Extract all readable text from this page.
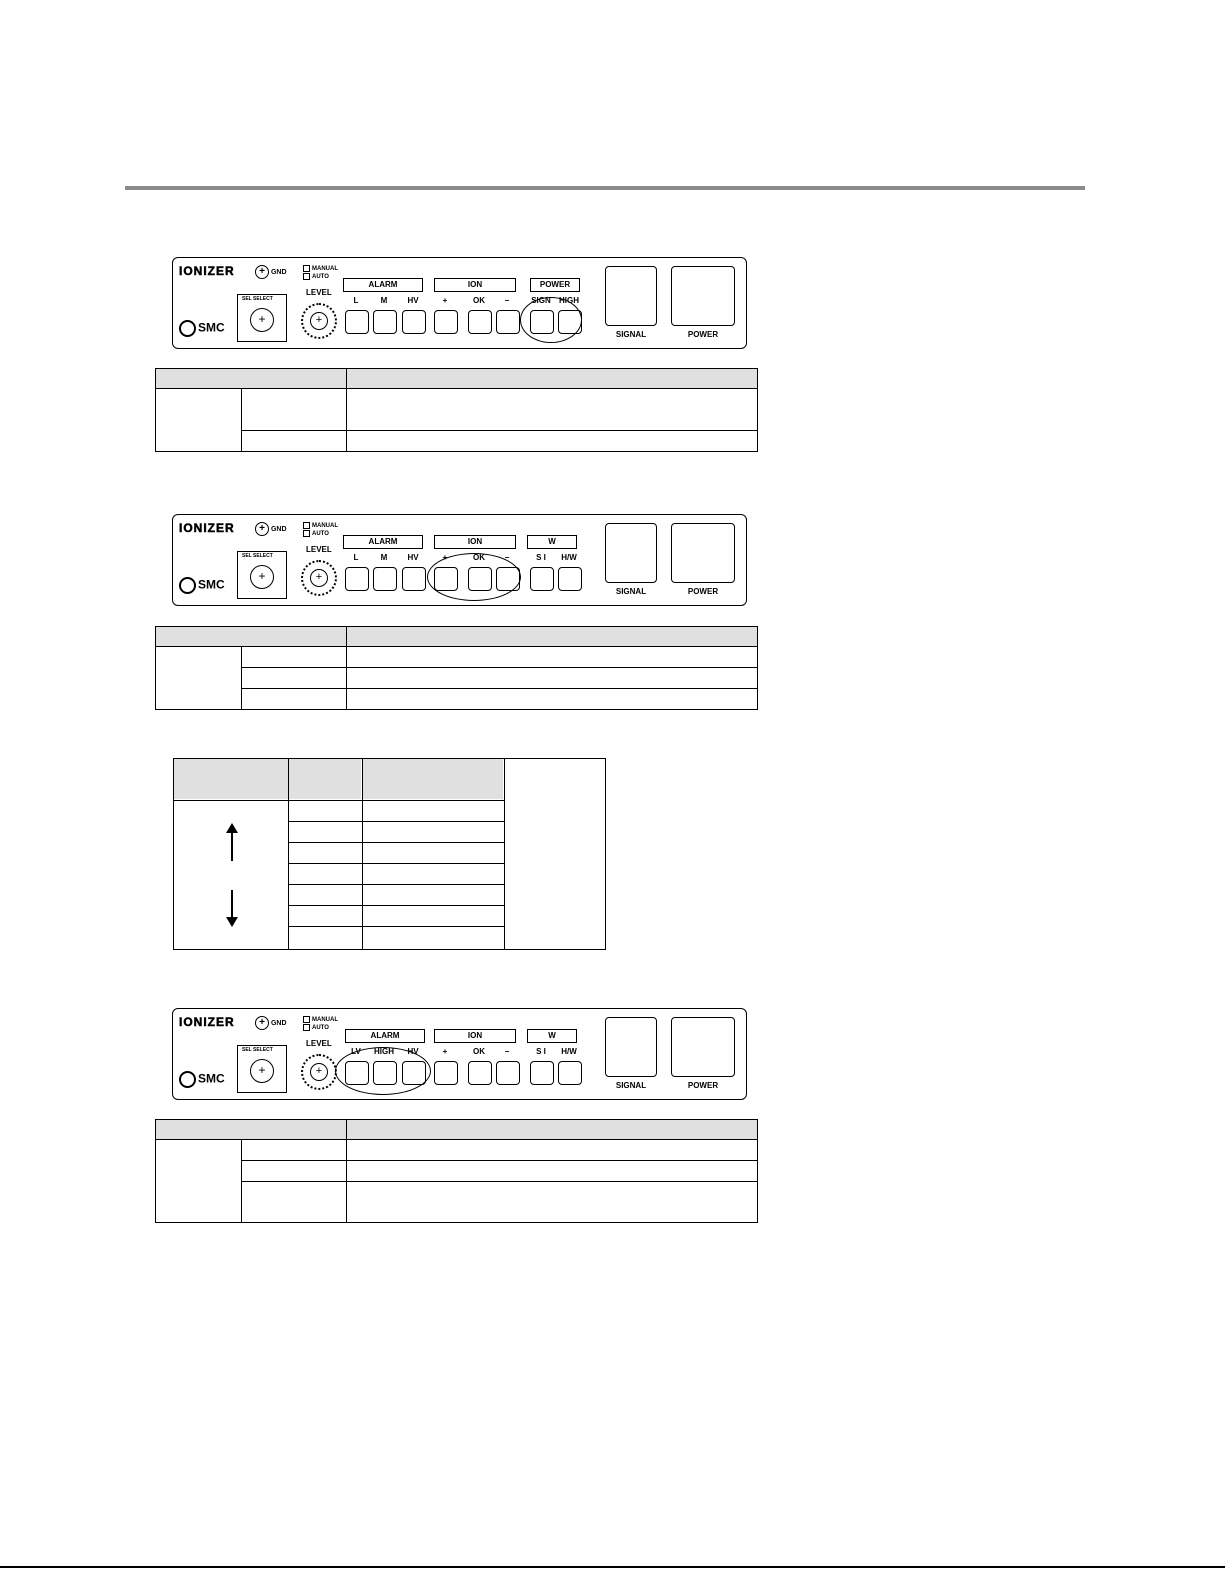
IONIZER
SMC
+ GND	MANUAL
AUTO
LEVEL
SEL SELECT
+	+
ALARM	ION	POWER
L	M	HV	+	OK	−	SIGN HIGH
SIGNAL	POWER

IONIZER
SMC
+ GND	MANUAL
AUTO
LEVEL
SEL SELECT
+	+
ALARM	ION	W
L	M	HV	+	OK	−	S I	H/W
SIGNAL	POWER

IONIZER
SMC
+ GND	MANUAL
AUTO
LEVEL
SEL SELECT
+	+
ALARM	ION	W
LV	HIGH	HV	+	OK	−	S I	H/W
SIGNAL	POWER
